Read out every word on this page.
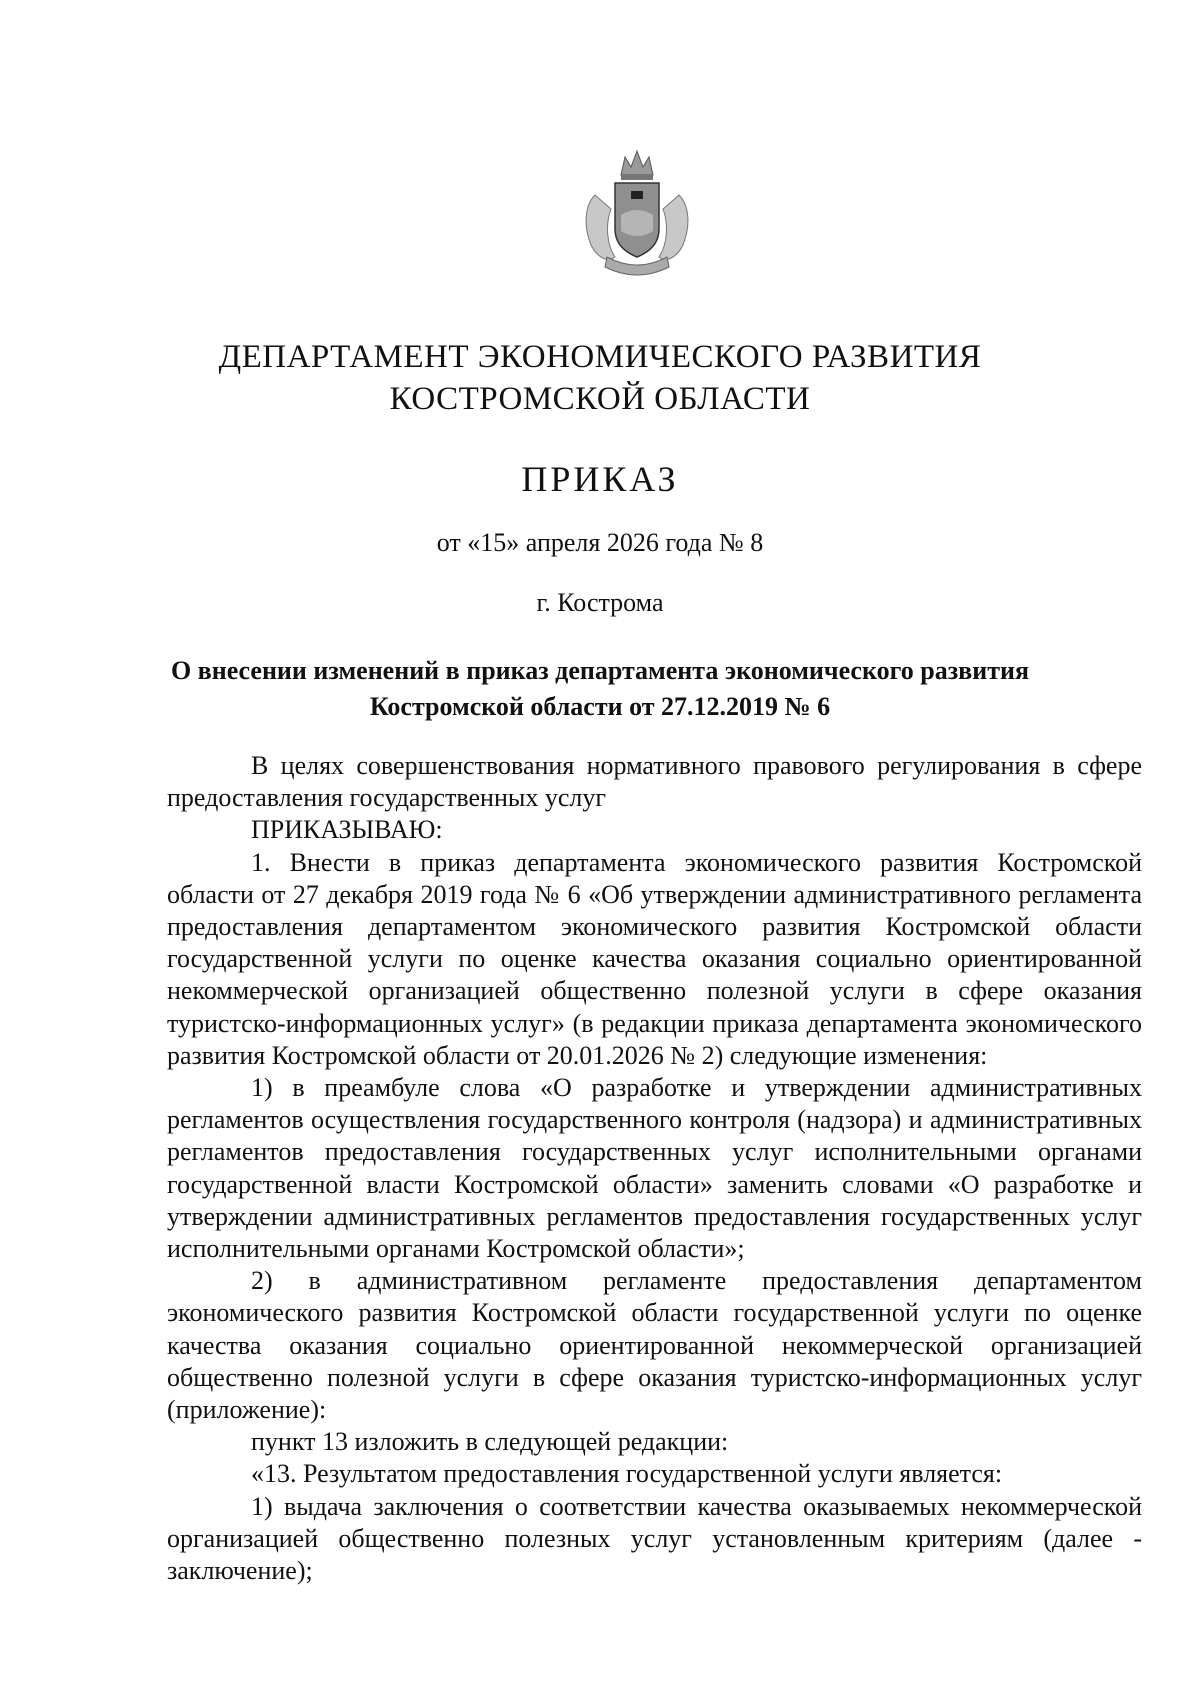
ДЕПАРТАМЕНТ ЭКОНОМИЧЕСКОГО РАЗВИТИЯ
КОСТРОМСКОЙ ОБЛАСТИ
ПРИКАЗ
от «15» апреля 2026 года № 8
г. Кострома
О внесении изменений в приказ департамента экономического развития
Костромской области от 27.12.2019 № 6

В целях совершенствования нормативного правового регулирования в сфере предоставления государственных услуг

ПРИКАЗЫВАЮ:

1. Внести в приказ департамента экономического развития Костромской области от 27 декабря 2019 года № 6 «Об утверждении административного регламента предоставления департаментом экономического развития Костромской области государственной услуги по оценке качества оказания социально ориентированной некоммерческой организацией общественно полезной услуги в сфере оказания туристско-информационных услуг» (в редакции приказа департамента экономического развития Костромской области от 20.01.2026 № 2) следующие изменения:

1) в преамбуле слова «О разработке и утверждении административных регламентов осуществления государственного контроля (надзора) и административных регламентов предоставления государственных услуг исполнительными органами государственной власти Костромской области» заменить словами «О разработке и утверждении административных регламентов предоставления государственных услуг исполнительными органами Костромской области»;

2) в административном регламенте предоставления департаментом экономического развития Костромской области государственной услуги по оценке качества оказания социально ориентированной некоммерческой организацией общественно полезной услуги в сфере оказания туристско-информационных услуг (приложение):

пункт 13 изложить в следующей редакции:

«13. Результатом предоставления государственной услуги является:

1) выдача заключения о соответствии качества оказываемых некоммерческой организацией общественно полезных услуг установленным критериям (далее - заключение);
